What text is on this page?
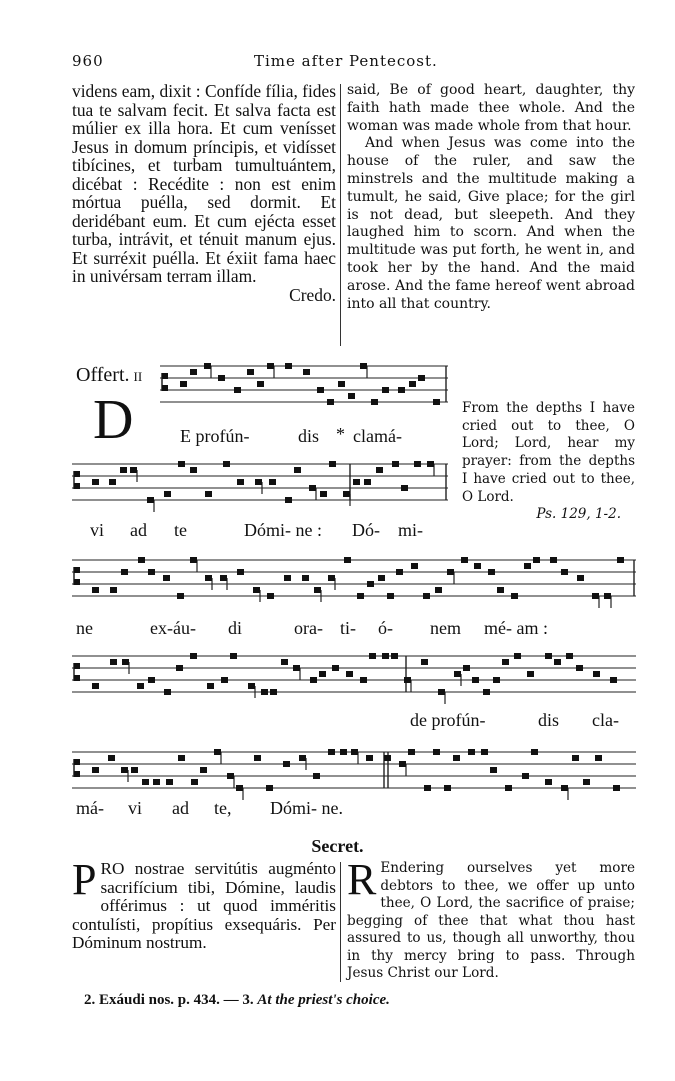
960	Time after Pentecost.
videns eam, dixit : Confíde fília, fides tua te salvam fecit. Et salva facta est múlier ex illa hora. Et cum venísset Jesus in domum príncipis, et vidísset tibícines, et turbam tumultuántem, dicébat : Recédite : non est enim mórtua puélla, sed dormit. Et deridébant eum. Et cum ejécta esset turba, intrávit, et ténuit manum ejus. Et surréxit puélla. Et éxiit fama haec in univérsam terram illam.
Credo.

said, Be of good heart, daughter, thy faith hath made thee whole. And the woman was made whole from that hour.

And when Jesus was come into the house of the ruler, and saw the minstrels and the multitude making a tumult, he said, Give place; for the girl is not dead, but sleepeth. And they laughed him to scorn. And when the multitude was put forth, he went in, and took her by the hand. And the maid arose. And the fame hereof went abroad into all that country.

Offert. II
D	E profún-	dis * clamá-
vi ad te	Dómi- ne : Dó- mi-
ne	ex-áu- di	ora- ti- ó- nem mé- am :
de profún-	dis cla-
má- vi ad te, Dómi- ne.
From the depths I have cried out to thee, O Lord; Lord, hear my prayer: from the depths I have cried out to thee, O Lord.
Ps. 129, 1-2.
Secret.
P RO nostrae servitútis augménto sacrifícium tibi, Dómine, laudis offérimus : ut quod imméritis contulísti, propítius exsequáris. Per Dóminum nostrum.
R Endering ourselves yet more debtors to thee, we offer up unto thee, O Lord, the sacrifice of praise; begging of thee that what thou hast assured to us, though all unworthy, thou in thy mercy bring to pass. Through Jesus Christ our Lord.
2. Exáudi nos. p. 434. — 3. At the priest's choice.
